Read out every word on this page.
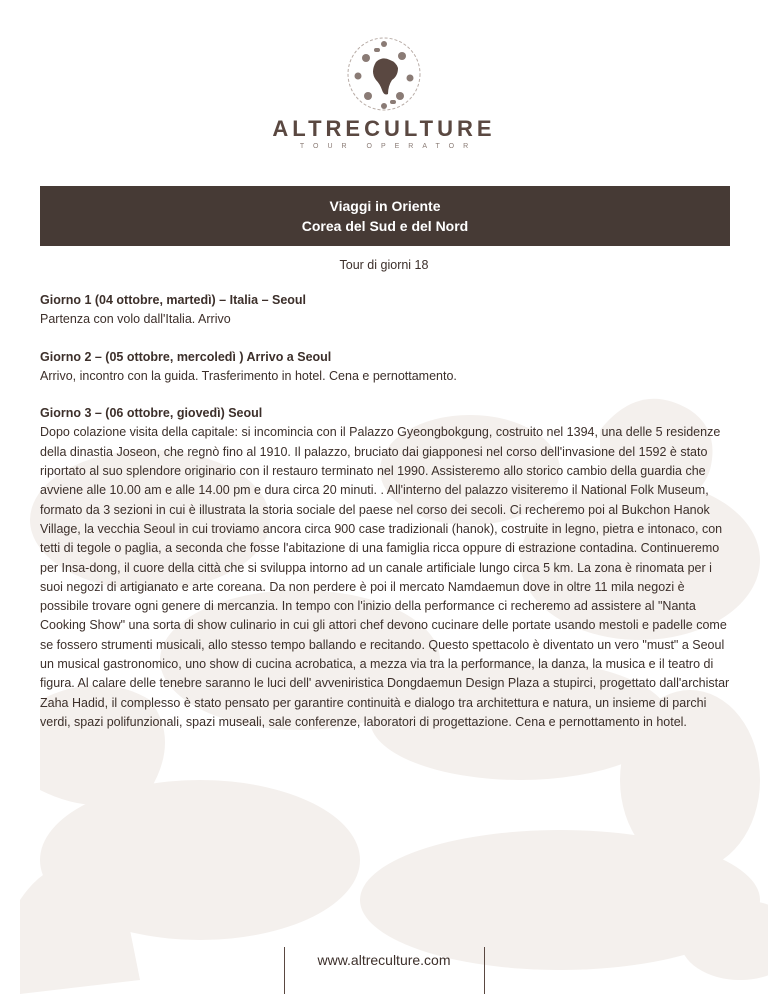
ALTRECULTURE
TOUR OPERATOR
Viaggi in Oriente
Corea del Sud e del Nord
Tour di giorni 18
Giorno 1 (04 ottobre, martedì) – Italia – Seoul

Partenza con volo dall'Italia. Arrivo

Giorno 2 – (05 ottobre, mercoledì ) Arrivo a Seoul

Arrivo, incontro con la guida. Trasferimento in hotel. Cena e pernottamento.

Giorno 3 – (06 ottobre, giovedì) Seoul

Dopo colazione visita della capitale: si incomincia con il Palazzo Gyeongbokgung, costruito nel 1394, una delle 5 residenze della dinastia Joseon, che regnò fino al 1910. Il palazzo, bruciato dai giapponesi nel corso dell'invasione del 1592 è stato riportato al suo splendore originario con il restauro terminato nel 1990. Assisteremo allo storico cambio della guardia che avviene alle 10.00 am e alle 14.00 pm e dura circa 20 minuti. . All'interno del palazzo visiteremo il National Folk Museum, formato da 3 sezioni in cui è illustrata la storia sociale del paese nel corso dei secoli. Ci recheremo poi al Bukchon Hanok Village, la vecchia Seoul in cui troviamo ancora circa 900 case tradizionali (hanok), costruite in legno, pietra e intonaco, con tetti di tegole o paglia, a seconda che fosse l'abitazione di una famiglia ricca oppure di estrazione contadina. Continueremo per Insa-dong, il cuore della città che si sviluppa intorno ad un canale artificiale lungo circa 5 km. La zona è rinomata per i suoi negozi di artigianato e arte coreana. Da non perdere è poi il mercato Namdaemun dove in oltre 11 mila negozi è possibile trovare ogni genere di mercanzia. In tempo con l'inizio della performance ci recheremo ad assistere al "Nanta Cooking Show" una sorta di show culinario in cui gli attori chef devono cucinare delle portate usando mestoli e padelle come se fossero strumenti musicali, allo stesso tempo ballando e recitando. Questo spettacolo è diventato un vero "must" a Seoul un musical gastronomico, uno show di cucina acrobatica, a mezza via tra la performance, la danza, la musica e il teatro di figura. Al calare delle tenebre saranno le luci dell' avveniristica Dongdaemun Design Plaza a stupirci, progettato dall'archistar Zaha Hadid, il complesso è stato pensato per garantire continuità e dialogo tra architettura e natura, un insieme di parchi verdi, spazi polifunzionali, spazi museali, sale conferenze, laboratori di progettazione. Cena e pernottamento in hotel.

www.altreculture.com
